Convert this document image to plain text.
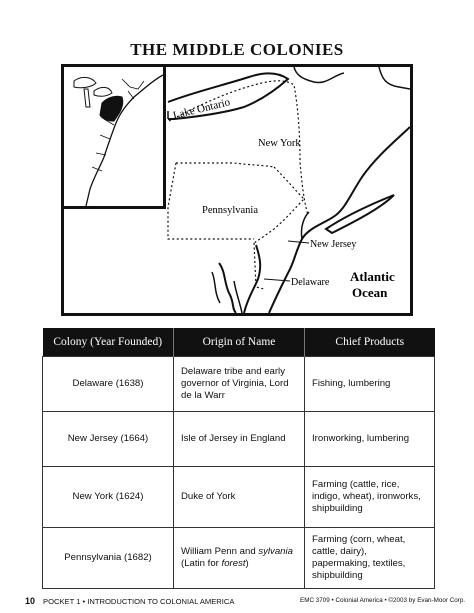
THE MIDDLE COLONIES
Lake Ontario
New York
Pennsylvania
New Jersey
Delaware Atlantic
Ocean
Colony (Year Founded)	Origin of Name	Chief Products
Delaware (1638)	Delaware tribe and early governor of Virginia, Lord de la Warr	Fishing, lumbering
New Jersey (1664)	Isle of Jersey in England	Ironworking, lumbering
New York (1624)	Duke of York	Farming (cattle, rice, indigo, wheat), ironworks, shipbuilding
Pennsylvania (1682)	William Penn and sylvania (Latin for forest)	Farming (corn, wheat, cattle, dairy), papermaking, textiles, shipbuilding
10 POCKET 1 • INTRODUCTION TO COLONIAL AMERICA	EMC 3709 • Colonial America • ©2003 by Evan-Moor Corp.
